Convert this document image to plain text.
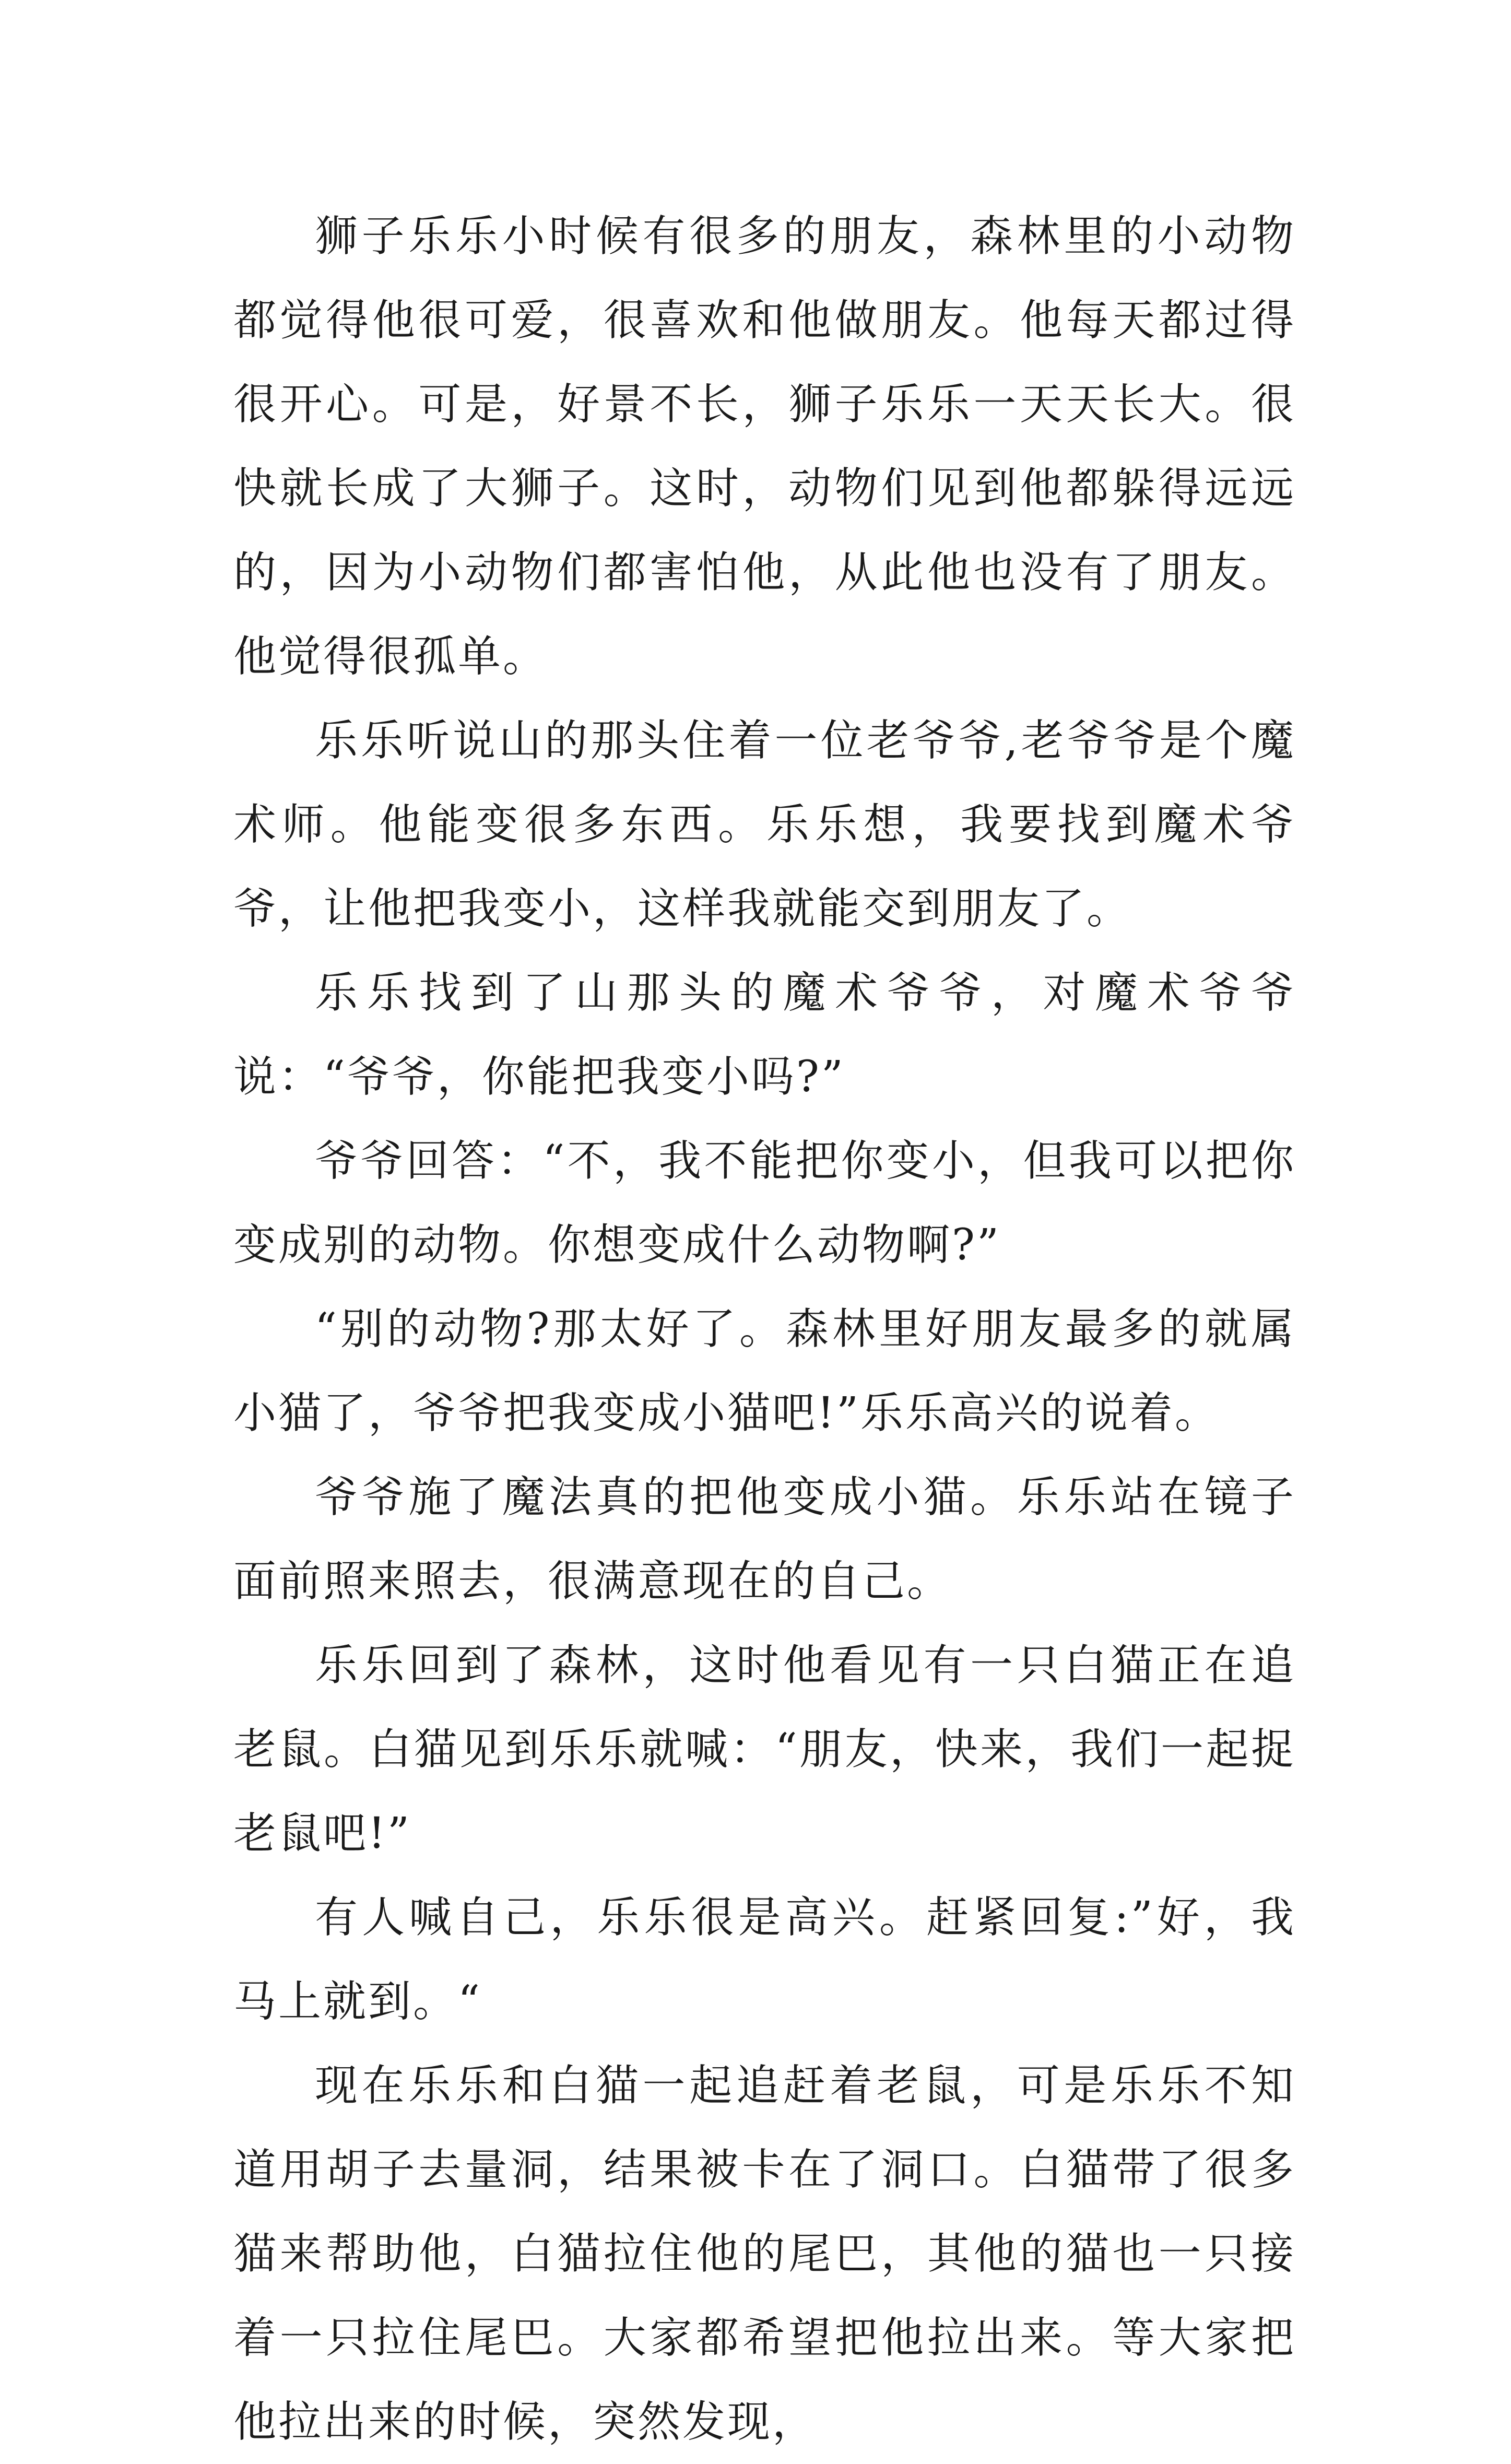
狮子乐乐小时候有很多的朋友，森林里的小动物都觉得他很可爱，很喜欢和他做朋友。他每天都过得很开心。可是，好景不长，狮子乐乐一天天长大。很快就长成了大狮子。这时，动物们见到他都躲得远远的，因为小动物们都害怕他，从此他也没有了朋友。他觉得很孤单。

乐乐听说山的那头住着一位老爷爷,老爷爷是个魔术师。他能变很多东西。乐乐想，我要找到魔术爷爷，让他把我变小，这样我就能交到朋友了。

乐乐找到了山那头的魔术爷爷，对魔术爷爷说：“爷爷，你能把我变小吗?”

爷爷回答：“不，我不能把你变小，但我可以把你变成别的动物。你想变成什么动物啊?”

“别的动物?那太好了。森林里好朋友最多的就属小猫了，爷爷把我变成小猫吧!”乐乐高兴的说着。

爷爷施了魔法真的把他变成小猫。乐乐站在镜子面前照来照去，很满意现在的自己。

乐乐回到了森林，这时他看见有一只白猫正在追老鼠。白猫见到乐乐就喊：“朋友，快来，我们一起捉老鼠吧!”

有人喊自己，乐乐很是高兴。赶紧回复:”好，我马上就到。“

现在乐乐和白猫一起追赶着老鼠，可是乐乐不知道用胡子去量洞，结果被卡在了洞口。白猫带了很多猫来帮助他，白猫拉住他的尾巴，其他的猫也一只接着一只拉住尾巴。大家都希望把他拉出来。等大家把他拉出来的时候，突然发现，
